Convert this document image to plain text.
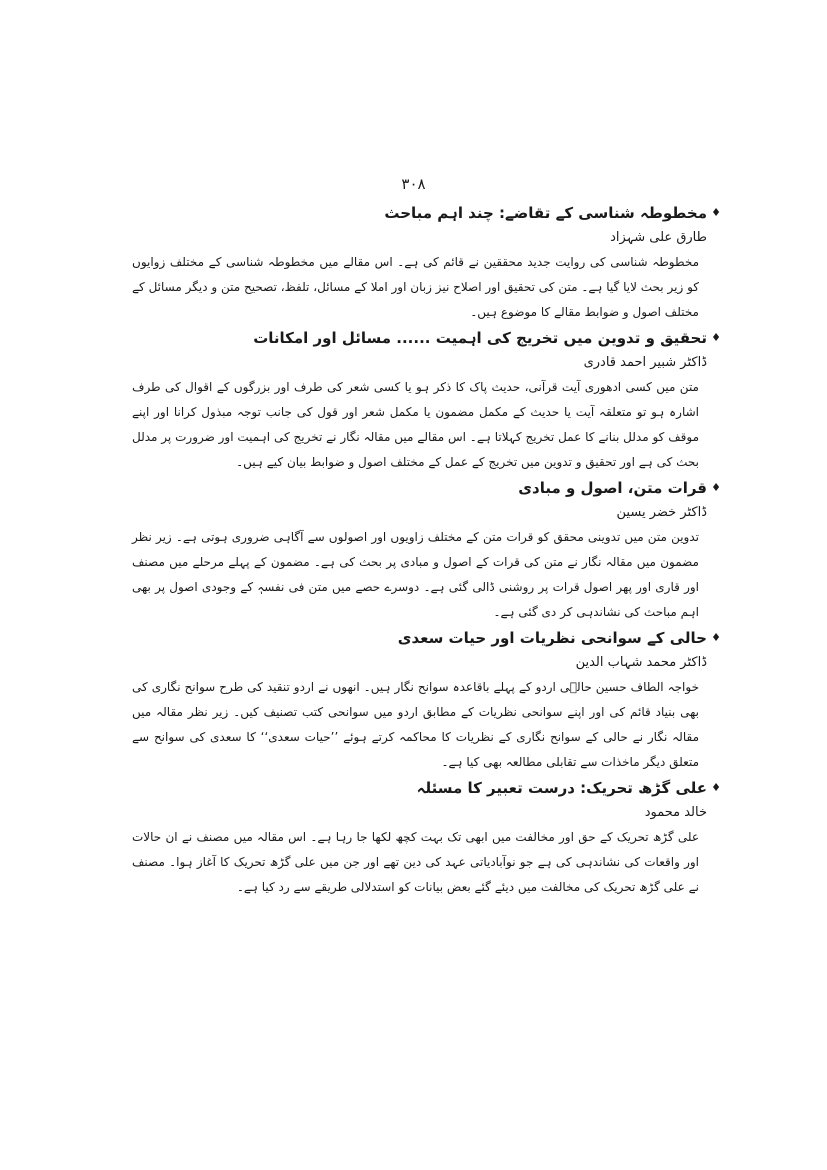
۳۰۸
♦
مخطوطہ شناسی کے تقاضے: چند اہم مباحث
طارق علی شہزاد
مخطوطہ شناسی کی روایت جدید محققین نے قائم کی ہے۔ اس مقالے میں مخطوطہ شناسی کے مختلف زوایوں کو زیر بحث لایا گیا ہے۔ متن کی تحقیق اور اصلاح نیز زبان اور املا کے مسائل، تلفظ، تصحیح متن و دیگر مسائل کے مختلف اصول و ضوابط مقالے کا موضوع ہیں۔
♦
تحقیق و تدوین میں تخریج کی اہمیت ...... مسائل اور امکانات
ڈاکٹر شبیر احمد قادری
متن میں کسی ادھوری آیت قرآنی، حدیث پاک کا ذکر ہو یا کسی شعر کی طرف اور بزرگوں کے اقوال کی طرف اشارہ ہو تو متعلقہ آیت یا حدیث کے مکمل مضمون یا مکمل شعر اور قول کی جانب توجہ مبذول کرانا اور اپنے موقف کو مدلل بنانے کا عمل تخریج کہلاتا ہے۔ اس مقالے میں مقالہ نگار نے تخریج کی اہمیت اور ضرورت پر مدلل بحث کی ہے اور تحقیق و تدوین میں تخریج کے عمل کے مختلف اصول و ضوابط بیان کیے ہیں۔
♦
قرات متن، اصول و مبادی
ڈاکٹر خضر یسین
تدوین متن میں تدوینی محقق کو قرات متن کے مختلف زاویوں اور اصولوں سے آگاہی ضروری ہوتی ہے۔ زیر نظر مضمون میں مقالہ نگار نے متن کی قرات کے اصول و مبادی پر بحث کی ہے۔ مضمون کے پہلے مرحلے میں مصنف اور قاری اور پھر اصول قرات پر روشنی ڈالی گئی ہے۔ دوسرے حصے میں متن فی نفسہٖ کے وجودی اصول پر بھی اہم مباحث کی نشاندہی کر دی گئی ہے۔
♦
حالی کے سوانحی نظریات اور حیات سعدی
ڈاکٹر محمد شہاب الدین
خواجہ الطاف حسین حالؔی اردو کے پہلے باقاعدہ سوانح نگار ہیں۔ انھوں نے اردو تنقید کی طرح سوانح نگاری کی بھی بنیاد قائم کی اور اپنے سوانحی نظریات کے مطابق اردو میں سوانحی کتب تصنیف کیں۔ زیر نظر مقالہ میں مقالہ نگار نے حالی کے سوانح نگاری کے نظریات کا محاکمہ کرتے ہوئے ’’حیات سعدی‘‘ کا سعدی کی سوانح سے متعلق دیگر ماخذات سے تقابلی مطالعہ بھی کیا ہے۔
♦
علی گڑھ تحریک: درست تعبیر کا مسئلہ
خالد محمود
علی گڑھ تحریک کے حق اور مخالفت میں ابھی تک بہت کچھ لکھا جا رہا ہے۔ اس مقالہ میں مصنف نے ان حالات اور واقعات کی نشاندہی کی ہے جو نوآبادیاتی عہد کی دین تھے اور جن میں علی گڑھ تحریک کا آغاز ہوا۔ مصنف نے علی گڑھ تحریک کی مخالفت میں دیئے گئے بعض بیانات کو استدلالی طریقے سے رد کیا ہے۔
